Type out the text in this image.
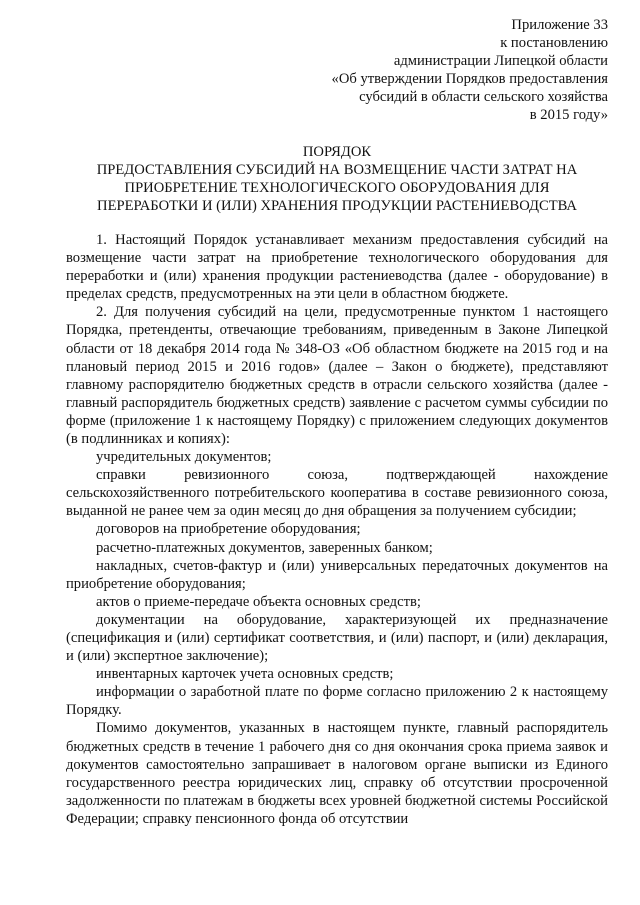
Приложение 33
к постановлению
администрации Липецкой области
«Об утверждении Порядков предоставления
субсидий в области сельского хозяйства
в 2015 году»
ПОРЯДОК
ПРЕДОСТАВЛЕНИЯ СУБСИДИЙ НА ВОЗМЕЩЕНИЕ ЧАСТИ ЗАТРАТ НА
ПРИОБРЕТЕНИЕ ТЕХНОЛОГИЧЕСКОГО ОБОРУДОВАНИЯ ДЛЯ
ПЕРЕРАБОТКИ И (ИЛИ) ХРАНЕНИЯ ПРОДУКЦИИ РАСТЕНИЕВОДСТВА

1. Настоящий Порядок устанавливает механизм предоставления субсидий на возмещение части затрат на приобретение технологического оборудования для переработки и (или) хранения продукции растениеводства (далее - оборудование) в пределах средств, предусмотренных на эти цели в областном бюджете.

2. Для получения субсидий на цели, предусмотренные пунктом 1 настоящего Порядка, претенденты, отвечающие требованиям, приведенным в Законе Липецкой области от 18 декабря 2014 года № 348-ОЗ «Об областном бюджете на 2015 год и на плановый период 2015 и 2016 годов» (далее – Закон о бюджете), представляют главному распорядителю бюджетных средств в отрасли сельского хозяйства (далее - главный распорядитель бюджетных средств) заявление с расчетом суммы субсидии по форме (приложение 1 к настоящему Порядку) с приложением следующих документов (в подлинниках и копиях):

учредительных документов;

справки ревизионного союза, подтверждающей нахождение сельскохозяйственного потребительского кооператива в составе ревизионного союза, выданной не ранее чем за один месяц до дня обращения за получением субсидии;

договоров на приобретение оборудования;

расчетно-платежных документов, заверенных банком;

накладных, счетов-фактур и (или) универсальных передаточных документов на приобретение оборудования;

актов о приеме-передаче объекта основных средств;

документации на оборудование, характеризующей их предназначение (спецификация и (или) сертификат соответствия, и (или) паспорт, и (или) декларация, и (или) экспертное заключение);

инвентарных карточек учета основных средств;

информации о заработной плате по форме согласно приложению 2 к настоящему Порядку.

Помимо документов, указанных в настоящем пункте, главный распорядитель бюджетных средств в течение 1 рабочего дня со дня окончания срока приема заявок и документов самостоятельно запрашивает в налоговом органе выписки из Единого государственного реестра юридических лиц, справку об отсутствии просроченной задолженности по платежам в бюджеты всех уровней бюджетной системы Российской Федерации; справку пенсионного фонда об отсутствии
